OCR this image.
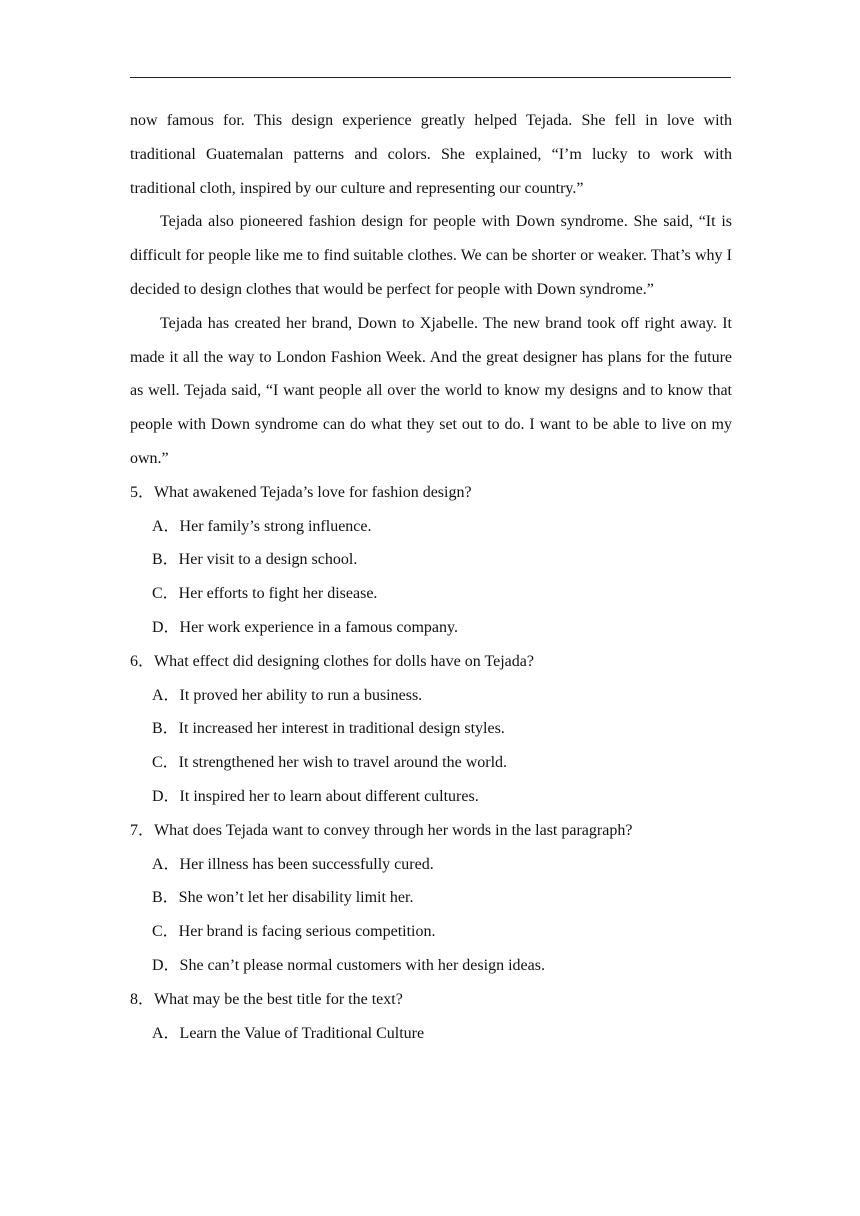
now famous for. This design experience greatly helped Tejada. She fell in love with traditional Guatemalan patterns and colors. She explained, “I’m lucky to work with traditional cloth, inspired by our culture and representing our country.”

Tejada also pioneered fashion design for people with Down syndrome. She said, “It is difficult for people like me to find suitable clothes. We can be shorter or weaker. That’s why I decided to design clothes that would be perfect for people with Down syndrome.”

Tejada has created her brand, Down to Xjabelle. The new brand took off right away. It made it all the way to London Fashion Week. And the great designer has plans for the future as well. Tejada said, “I want people all over the world to know my designs and to know that people with Down syndrome can do what they set out to do. I want to be able to live on my own.”

5．What awakened Tejada’s love for fashion design?

A．Her family’s strong influence.

B．Her visit to a design school.

C．Her efforts to fight her disease.

D．Her work experience in a famous company.

6．What effect did designing clothes for dolls have on Tejada?

A．It proved her ability to run a business.

B．It increased her interest in traditional design styles.

C．It strengthened her wish to travel around the world.

D．It inspired her to learn about different cultures.

7．What does Tejada want to convey through her words in the last paragraph?

A．Her illness has been successfully cured.

B．She won’t let her disability limit her.

C．Her brand is facing serious competition.

D．She can’t please normal customers with her design ideas.

8．What may be the best title for the text?

A．Learn the Value of Traditional Culture
